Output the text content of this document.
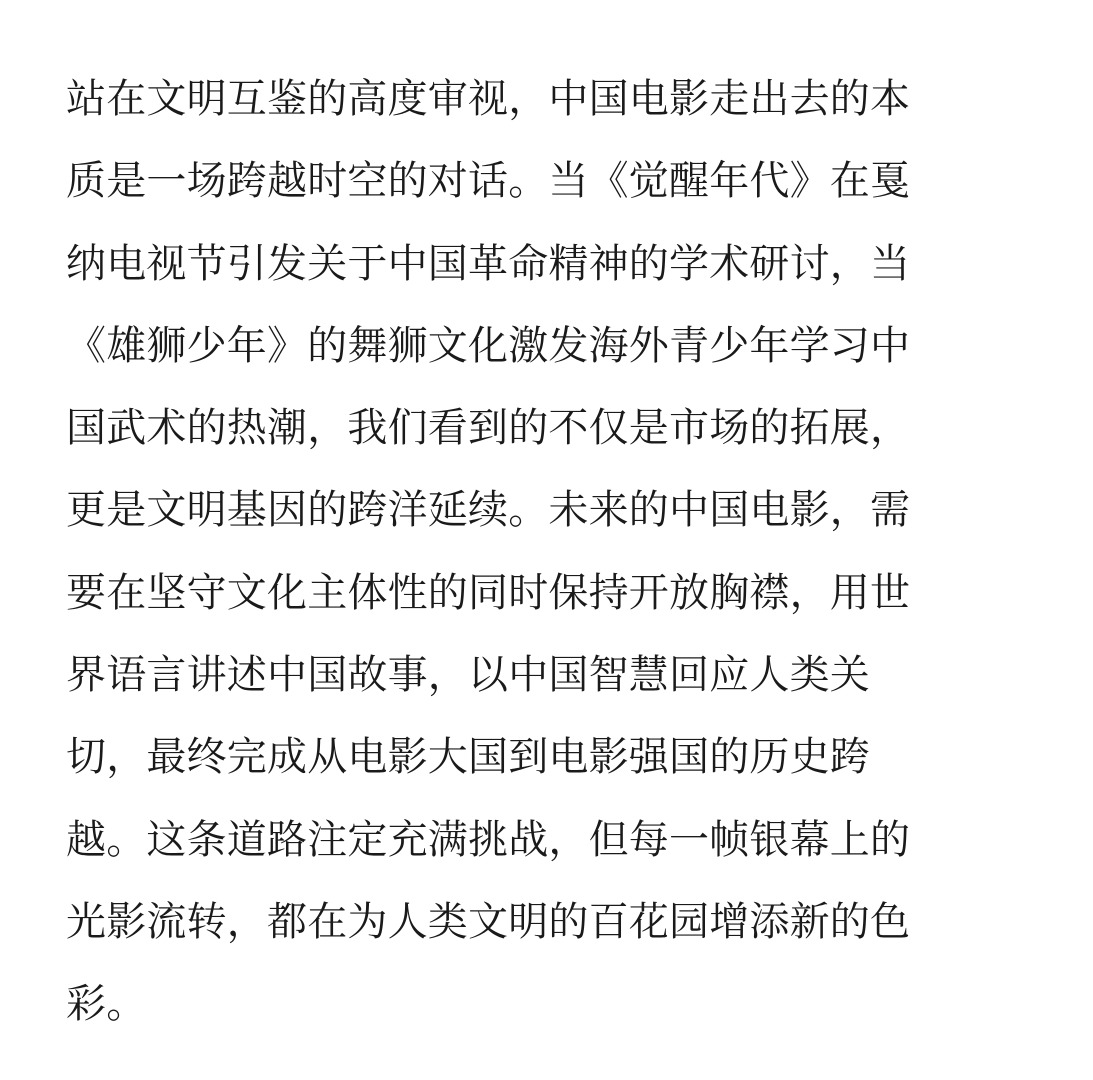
站在文明互鉴的高度审视，中国电影走出去的本
质是一场跨越时空的对话。当《觉醒年代》在戛
纳电视节引发关于中国革命精神的学术研讨，当
《雄狮少年》的舞狮文化激发海外青少年学习中
国武术的热潮，我们看到的不仅是市场的拓展，
更是文明基因的跨洋延续。未来的中国电影，需
要在坚守文化主体性的同时保持开放胸襟，用世
界语言讲述中国故事，以中国智慧回应人类关
切，最终完成从电影大国到电影强国的历史跨
越。这条道路注定充满挑战，但每一帧银幕上的
光影流转，都在为人类文明的百花园增添新的色
彩。
